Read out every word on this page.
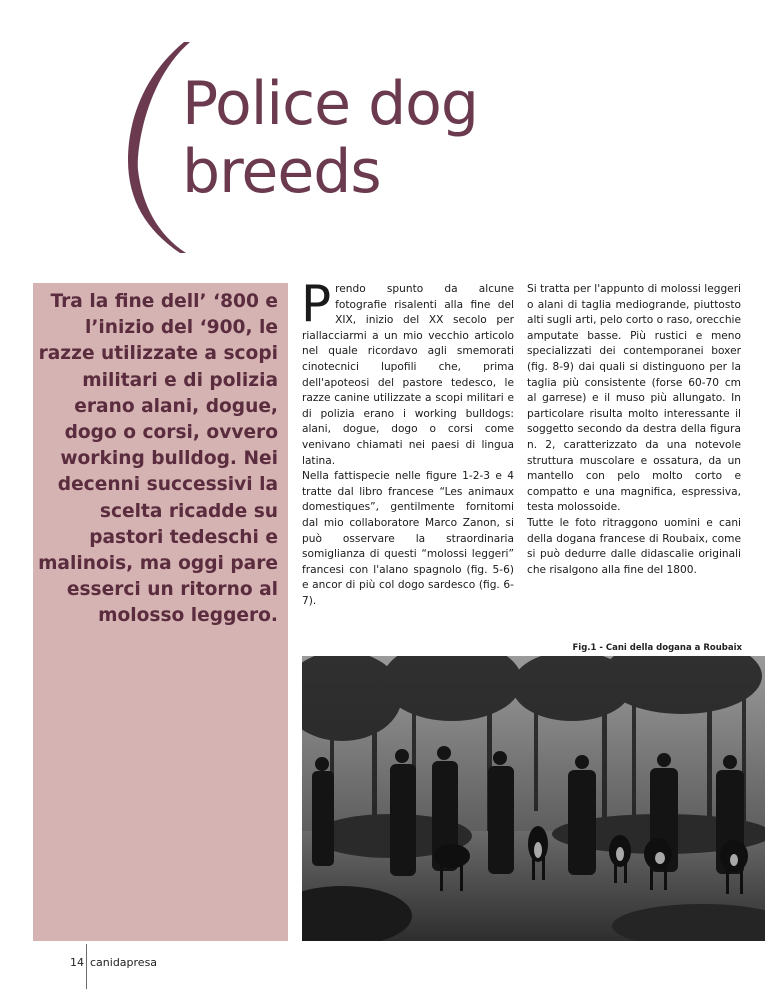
Police dog
breeds
Tra la fine dell’ ‘800 e l’inizio del ‘900, le razze utilizzate a scopi militari e di polizia erano alani, dogue, dogo o corsi, ovvero working bulldog. Nei decenni successivi la scelta ricadde su pastori tedeschi e malinois, ma oggi pare esserci un ritorno al molosso leggero.

Prendo spunto da alcune fotografie risalenti alla fine del XIX, inizio del XX secolo per riallacciarmi a un mio vecchio articolo nel quale ricordavo agli smemorati cinotecnici lupofili che, prima dell'apoteosi del pastore tedesco, le razze canine utilizzate a scopi militari e di polizia erano i working bulldogs: alani, dogue, dogo o corsi come venivano chiamati nei paesi di lingua latina.

Nella fattispecie nelle figure 1-2-3 e 4 tratte dal libro francese “Les animaux domestiques”, gentilmente fornitomi dal mio collaboratore Marco Zanon, si può osservare la straordinaria somiglianza di questi “molossi leggeri” francesi con l'alano spagnolo (fig. 5-6) e ancor di più col dogo sardesco (fig. 6-7).

Si tratta per l'appunto di molossi leggeri o alani di taglia mediogrande, piuttosto alti sugli arti, pelo corto o raso, orecchie amputate basse. Più rustici e meno specializzati dei contemporanei boxer (fig. 8-9) dai quali si distinguono per la taglia più consistente (forse 60-70 cm al garrese) e il muso più allungato. In particolare risulta molto interessante il soggetto secondo da destra della figura n. 2, caratterizzato da una notevole struttura muscolare e ossatura, da un mantello con pelo molto corto e compatto e una magnifica, espressiva, testa molossoide.

Tutte le foto ritraggono uomini e cani della dogana francese di Roubaix, come si può dedurre dalle didascalie originali che risalgono alla fine del 1800.

Fig.1 - Cani della dogana a Roubaix
14 canidapresa
